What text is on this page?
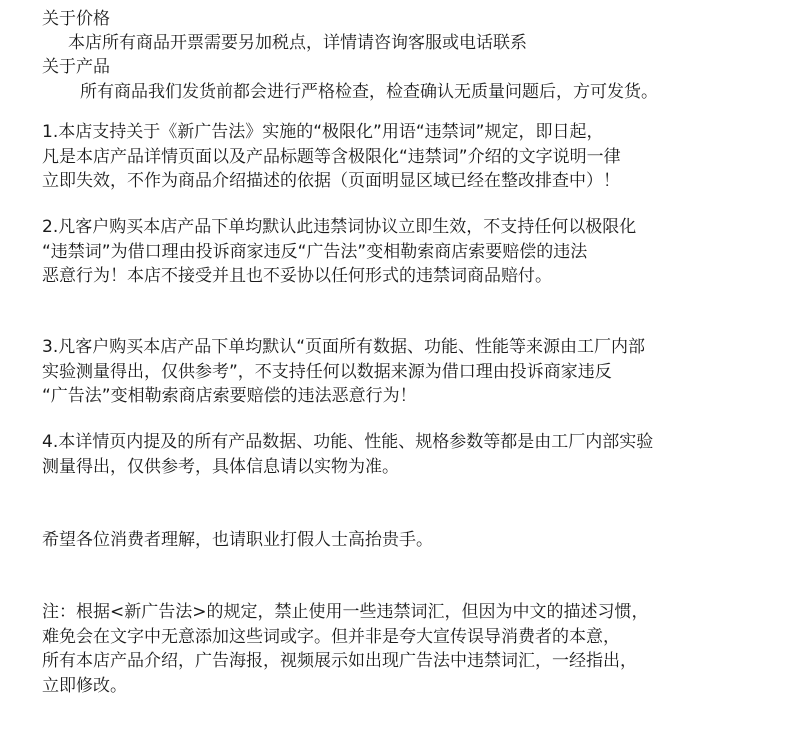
关于价格
本店所有商品开票需要另加税点，详情请咨询客服或电话联系
关于产品
所有商品我们发货前都会进行严格检查，检查确认无质量问题后，方可发货。
1.本店支持关于《新广告法》实施的“极限化”用语“违禁词”规定，即日起，
凡是本店产品详情页面以及产品标题等含极限化“违禁词”介绍的文字说明一律
立即失效，不作为商品介绍描述的依据（页面明显区域已经在整改排查中）！
2.凡客户购买本店产品下单均默认此违禁词协议立即生效，不支持任何以极限化
“违禁词”为借口理由投诉商家违反“广告法”变相勒索商店索要赔偿的违法
恶意行为！本店不接受并且也不妥协以任何形式的违禁词商品赔付。
3.凡客户购买本店产品下单均默认“页面所有数据、功能、性能等来源由工厂内部
实验测量得出，仅供参考”，不支持任何以数据来源为借口理由投诉商家违反
“广告法”变相勒索商店索要赔偿的违法恶意行为！
4.本详情页内提及的所有产品数据、功能、性能、规格参数等都是由工厂内部实验
测量得出，仅供参考，具体信息请以实物为准。
希望各位消费者理解，也请职业打假人士高抬贵手。
注：根据<新广告法>的规定，禁止使用一些违禁词汇，但因为中文的描述习惯，
难免会在文字中无意添加这些词或字。但并非是夸大宣传误导消费者的本意，
所有本店产品介绍，广告海报，视频展示如出现广告法中违禁词汇，一经指出，
立即修改。
